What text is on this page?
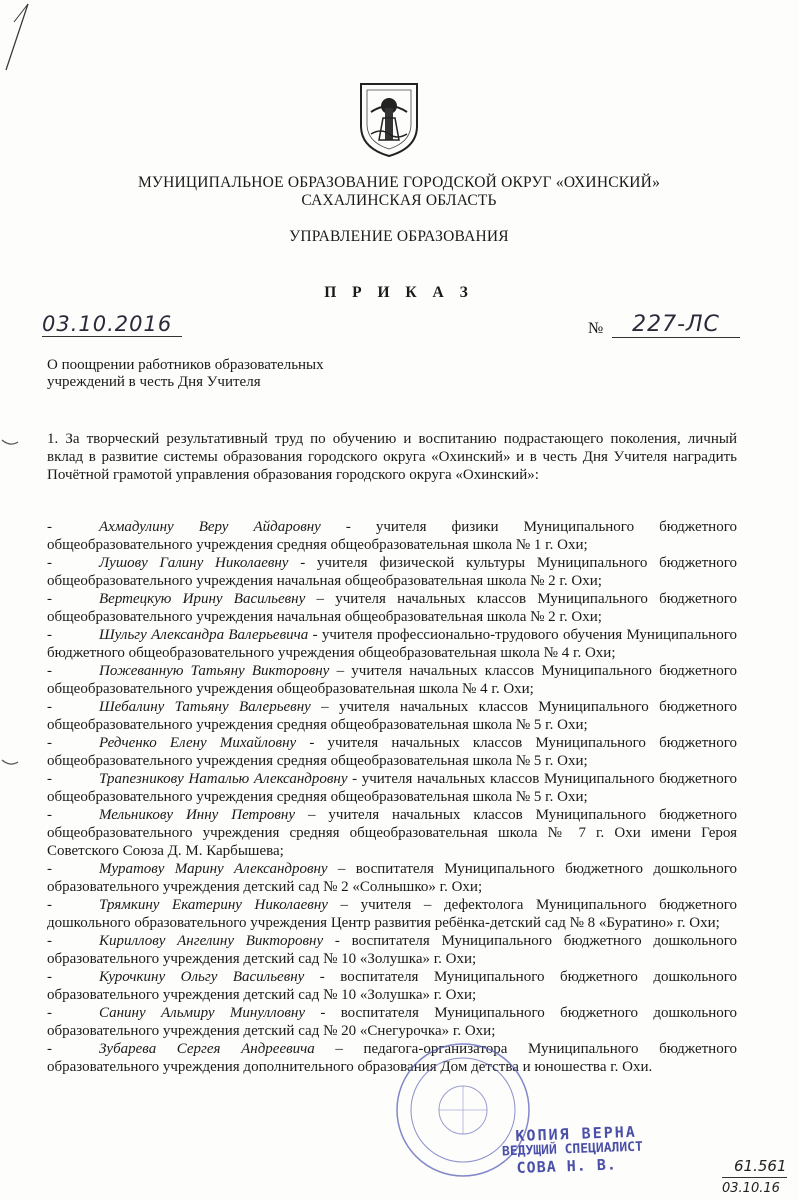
МУНИЦИПАЛЬНОЕ ОБРАЗОВАНИЕ ГОРОДСКОЙ ОКРУГ «ОХИНСКИЙ»
САХАЛИНСКАЯ ОБЛАСТЬ
УПРАВЛЕНИЕ ОБРАЗОВАНИЯ
П Р И К А З
03.10.2016	№	227-ЛС
О поощрении работников образовательных
учреждений в честь Дня Учителя
1. За творческий результативный труд по обучению и воспитанию подрастающего поколения, личный вклад в развитие системы образования городского округа «Охинский» и в честь Дня Учителя наградить Почётной грамотой управления образования городского округа «Охинский»:
-	Ахмадулину Веру Айдаровну - учителя физики Муниципального бюджетного общеобразовательного учреждения средняя общеобразовательная школа № 1 г. Охи;
-	Лушову Галину Николаевну - учителя физической культуры Муниципального бюджетного общеобразовательного учреждения начальная общеобразовательная школа № 2 г. Охи;
-	Вертецкую Ирину Васильевну – учителя начальных классов Муниципального бюджетного общеобразовательного учреждения начальная общеобразовательная школа № 2 г. Охи;
-	Шульгу Александра Валерьевича - учителя профессионально-трудового обучения Муниципального бюджетного общеобразовательного учреждения общеобразовательная школа № 4 г. Охи;
-	Пожеванную Татьяну Викторовну – учителя начальных классов Муниципального бюджетного общеобразовательного учреждения общеобразовательная школа № 4 г. Охи;
-	Шебалину Татьяну Валерьевну – учителя начальных классов Муниципального бюджетного общеобразовательного учреждения средняя общеобразовательная школа № 5 г. Охи;
-	Редченко Елену Михайловну - учителя начальных классов Муниципального бюджетного общеобразовательного учреждения средняя общеобразовательная школа № 5 г. Охи;
-	Трапезникову Наталью Александровну - учителя начальных классов Муниципального бюджетного общеобразовательного учреждения средняя общеобразовательная школа № 5 г. Охи;
-	Мельникову Инну Петровну – учителя начальных классов Муниципального бюджетного общеобразовательного учреждения средняя общеобразовательная школа № 7 г. Охи имени Героя Советского Союза Д. М. Карбышева;
-	Муратову Марину Александровну – воспитателя Муниципального бюджетного дошкольного образовательного учреждения детский сад № 2 «Солнышко» г. Охи;
-	Трямкину Екатерину Николаевну – учителя – дефектолога Муниципального бюджетного дошкольного образовательного учреждения Центр развития ребёнка-детский сад № 8 «Буратино» г. Охи;
-	Кириллову Ангелину Викторовну - воспитателя Муниципального бюджетного дошкольного образовательного учреждения детский сад № 10 «Золушка» г. Охи;
-	Курочкину Ольгу Васильевну - воспитателя Муниципального бюджетного дошкольного образовательного учреждения детский сад № 10 «Золушка» г. Охи;
-	Санину Альмиру Минулловну - воспитателя Муниципального бюджетного дошкольного образовательного учреждения детский сад № 20 «Снегурочка» г. Охи;
-	Зубарева Сергея Андреевича – педагога-организатора Муниципального бюджетного образовательного учреждения дополнительного образования Дом детства и юношества г. Охи.
КОПИЯ ВЕРНА
ВЕДУЩИЙ СПЕЦИАЛИСТ
СОВА Н. В.	61.561
03.10.16
